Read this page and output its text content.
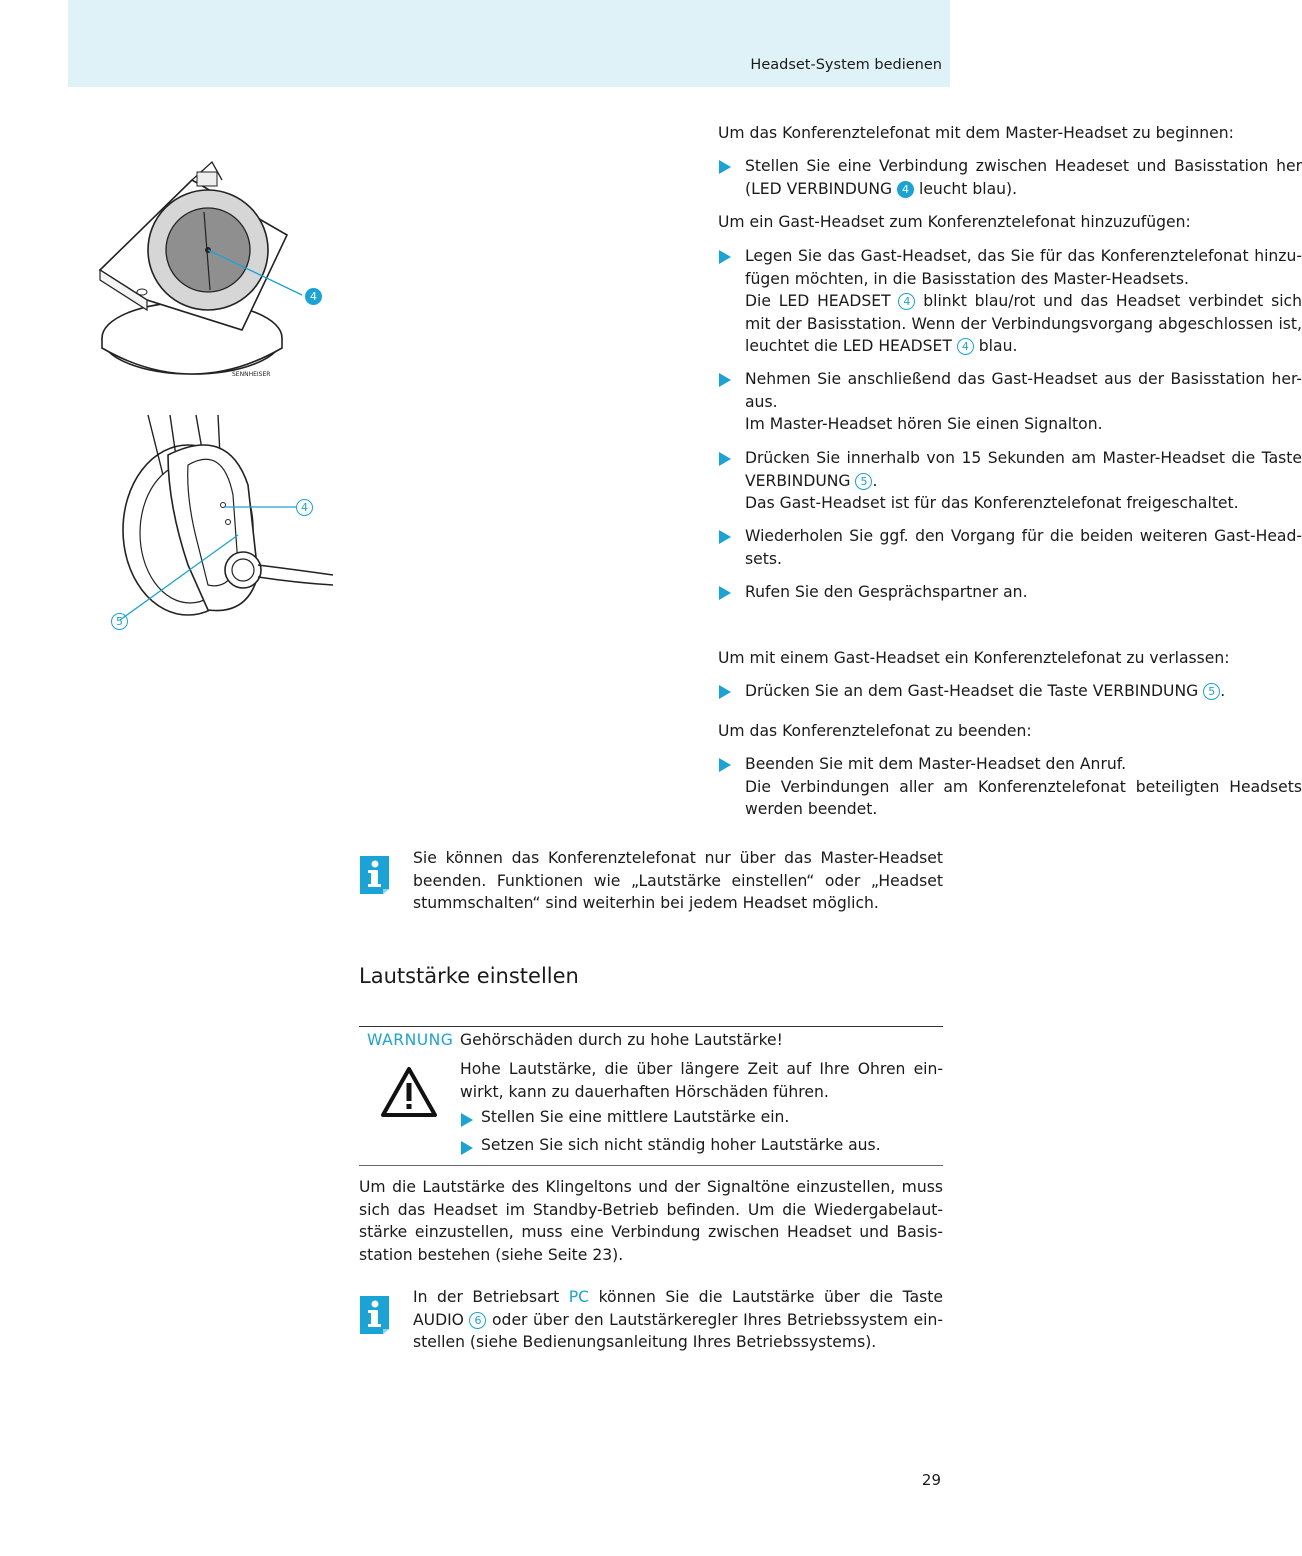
Headset-System bedienen
SENNHEISER
4
4
5

Um das Konferenztelefonat mit dem Master-Headset zu beginnen:

Stellen Sie eine Verbindung zwischen Headeset und Basisstation her (LED VERBINDUNG 4 leucht blau).

Um ein Gast-Headset zum Konferenztelefonat hinzuzufügen:

Legen Sie das Gast-Headset, das Sie für das Konferenztelefonat hinzu-fügen möchten, in die Basisstation des Master-Headsets.

Die LED HEADSET 4 blinkt blau/rot und das Headset verbindet sich mit der Basisstation. Wenn der Verbindungsvorgang abgeschlossen ist, leuchtet die LED HEADSET 4 blau.

Nehmen Sie anschließend das Gast-Headset aus der Basisstation her-aus.

Im Master-Headset hören Sie einen Signalton.

Drücken Sie innerhalb von 15 Sekunden am Master-Headset die Taste VERBINDUNG 5 .

Das Gast-Headset ist für das Konferenztelefonat freigeschaltet.

Wiederholen Sie ggf. den Vorgang für die beiden weiteren Gast-Head-sets.

Rufen Sie den Gesprächspartner an.

Um mit einem Gast-Headset ein Konferenztelefonat zu verlassen:

Drücken Sie an dem Gast-Headset die Taste VERBINDUNG 5 .

Um das Konferenztelefonat zu beenden:

Beenden Sie mit dem Master-Headset den Anruf.

Die Verbindungen aller am Konferenztelefonat beteiligten Headsets werden beendet.

Sie können das Konferenztelefonat nur über das Master-Headset beenden. Funktionen wie „Lautstärke einstellen“ oder „Headset stummschalten“ sind weiterhin bei jedem Headset möglich.

Lautstärke einstellen
WARNUNG Gehörschäden durch zu hohe Lautstärke!

Hohe Lautstärke, die über längere Zeit auf Ihre Ohren ein-wirkt, kann zu dauerhaften Hörschäden führen.

Stellen Sie eine mittlere Lautstärke ein.

Setzen Sie sich nicht ständig hoher Lautstärke aus.

Um die Lautstärke des Klingeltons und der Signaltöne einzustellen, muss sich das Headset im Standby-Betrieb befinden. Um die Wiedergabelaut-stärke einzustellen, muss eine Verbindung zwischen Headset und Basis-station bestehen (siehe Seite 23).

In der Betriebsart PC können Sie die Lautstärke über die Taste AUDIO 6 oder über den Lautstärkeregler Ihres Betriebssystem ein-stellen (siehe Bedienungsanleitung Ihres Betriebssystems).

29
